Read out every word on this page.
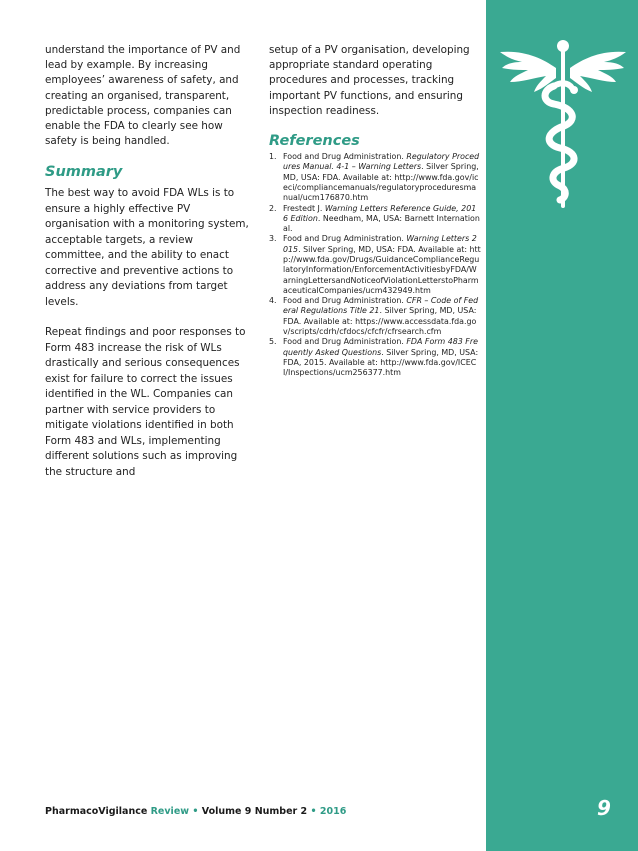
understand the importance of PV and lead by example. By increasing employees’ awareness of safety, and creating an organised, transparent, predictable process, companies can enable the FDA to clearly see how safety is being handled.

Summary

The best way to avoid FDA WLs is to ensure a highly effective PV organisation with a monitoring system, acceptable targets, a review committee, and the ability to enact corrective and preventive actions to address any deviations from target levels.

Repeat findings and poor responses to Form 483 increase the risk of WLs drastically and serious consequences exist for failure to correct the issues identified in the WL. Companies can partner with service providers to mitigate violations identified in both Form 483 and WLs, implementing different solutions such as improving the structure and

setup of a PV organisation, developing appropriate standard operating procedures and processes, tracking important PV functions, and ensuring inspection readiness.

References
1. Food and Drug Administration. Regulatory Procedures Manual. 4-1 – Warning Letters. Silver Spring, MD, USA: FDA. Available at: http://www.fda.gov/iceci/compliancemanuals/regulatoryproceduresmanual/ucm176870.htm
2. Frestedt J. Warning Letters Reference Guide, 2016 Edition. Needham, MA, USA: Barnett International.
3. Food and Drug Administration. Warning Letters 2015. Silver Spring, MD, USA: FDA. Available at: http://www.fda.gov/Drugs/GuidanceComplianceRegulatoryInformation/EnforcementActivitiesbyFDA/WarningLettersandNoticeofViolationLetterstoPharmaceuticalCompanies/ucm432949.htm
4. Food and Drug Administration. CFR – Code of Federal Regulations Title 21. Silver Spring, MD, USA: FDA. Available at: https://www.accessdata.fda.gov/scripts/cdrh/cfdocs/cfcfr/cfrsearch.cfm
5. Food and Drug Administration. FDA Form 483 Frequently Asked Questions. Silver Spring, MD, USA: FDA, 2015. Available at: http://www.fda.gov/ICECI/Inspections/ucm256377.htm
PharmacoVigilance Review • Volume 9 Number 2 • 2016	9
